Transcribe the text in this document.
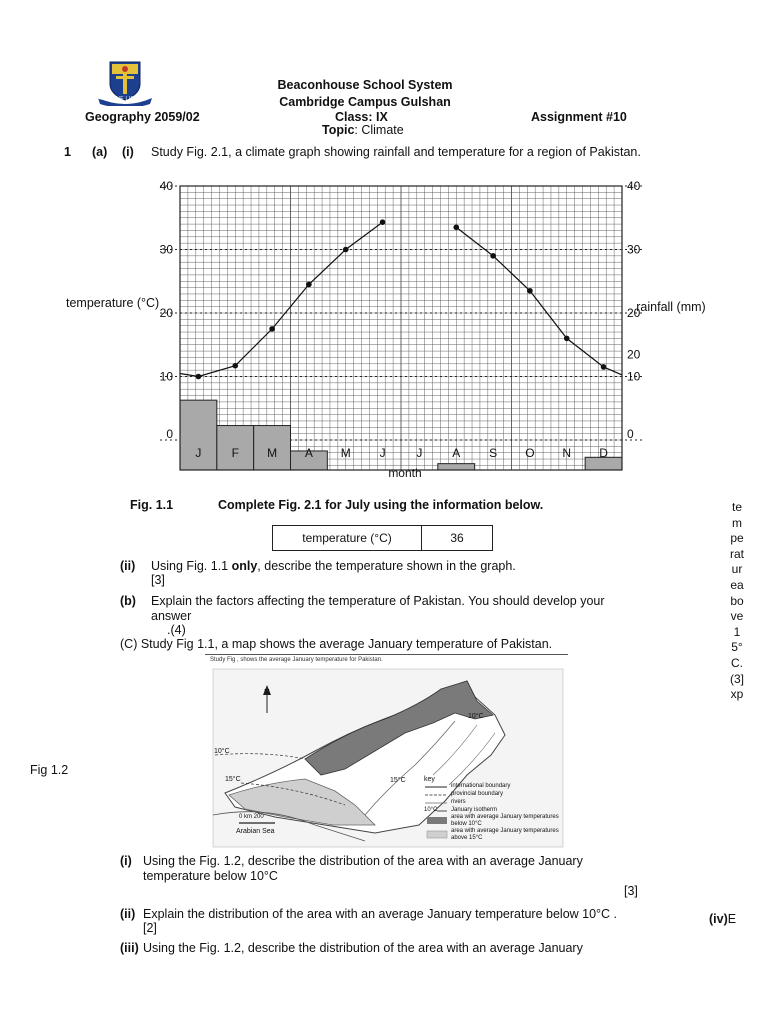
FAITH. THE LIGHT
Beaconhouse School System
Cambridge Campus Gulshan
Geography 2059/02	Class: IX	Assignment #10
Topic: Climate
1 (a) (i) Study Fig. 2.1, a climate graph showing rainfall and temperature for a region of Pakistan.
J	F M A M J	J A S O N D
0
10
20
30
40
0
10
20
30
40
20
temperature (°C)	rainfall (mm)
month
Fig. 1.1	Complete Fig. 2.1 for July using the information below.
temperature (°C)	36
(ii) Using Fig. 1.1 only, describe the temperature shown in the graph.
[3]
(b) Explain the factors affecting the temperature of Pakistan. You should develop your
answer
.(4)
(C) Study Fig 1.1, a map shows the average January temperature of Pakistan.
Fig 1.2
Study Fig , shows the average January temperature for Pakistan.
N
10°C
10°C
15°C	15°C
Arabian Sea
0 km 200
key
international boundary
provincial boundary
rivers
10°C January isotherm
area with average January temperatures below 10°C
area with average January temperatures above 15°C
(i) Using the Fig. 1.2, describe the distribution of the area with an average January
temperature below 10°C
[3]
(ii) Explain the distribution of the area with an average January temperature below 10°C .
[2]
(iii) Using the Fig. 1.2, describe the distribution of the area with an average January
(iv)E
temperatureabove15°C.(3]xp
